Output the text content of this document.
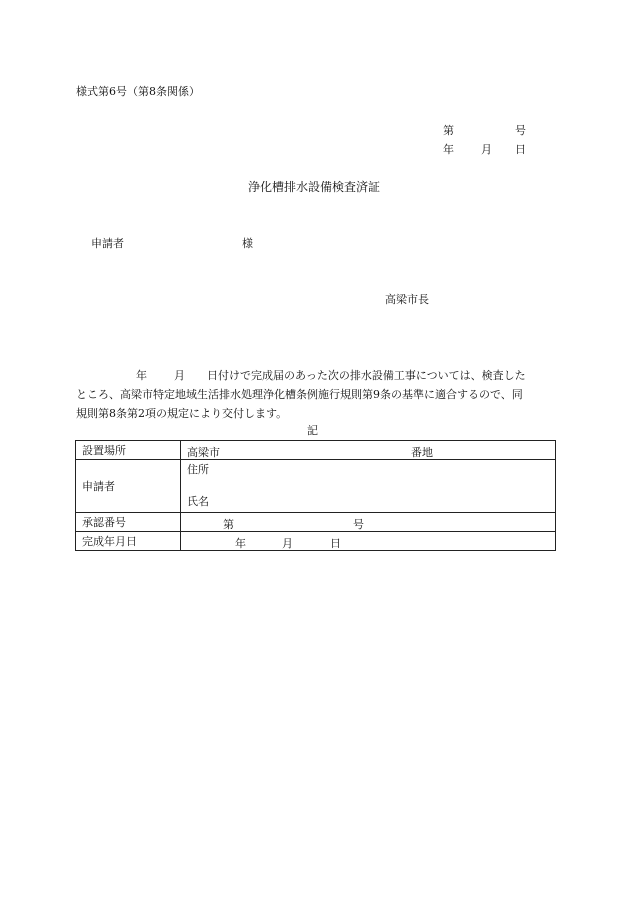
様式第6号（第8条関係）
第	号
年 月 日
浄化槽排水設備検査済証
申請者	様
高梁市長
年 月 日付けで完成届のあった次の排水設備工事については、検査した
ところ、高梁市特定地域生活排水処理浄化槽条例施行規則第9条の基準に適合するので、同
規則第8条第2項の規定により交付します。
記
設置場所	高梁市 番地

申請者	住所
氏名

承認番号	第 号

完成年月日	年 月 日
